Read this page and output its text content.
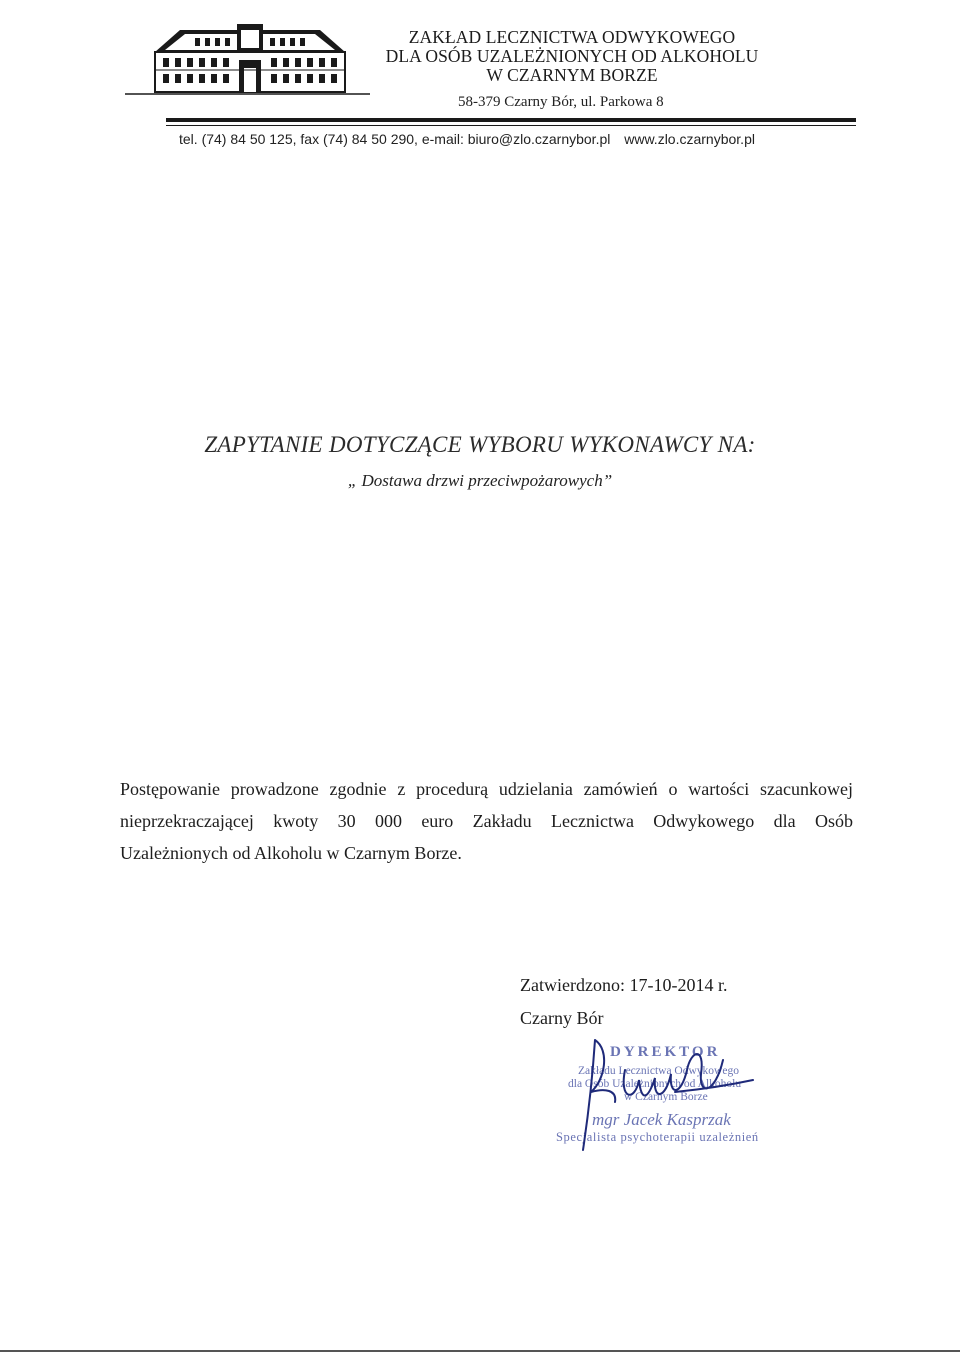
ZAKŁAD LECZNICTWA ODWYKOWEGO
DLA OSÓB UZALEŻNIONYCH OD ALKOHOLU
W CZARNYM BORZE
58-379 Czarny Bór, ul. Parkowa 8
tel. (74) 84 50 125, fax (74) 84 50 290, e-mail: biuro@zlo.czarnybor.pl www.zlo.czarnybor.pl
ZAPYTANIE DOTYCZĄCE WYBORU WYKONAWCY NA:
„ Dostawa drzwi przeciwpożarowych”
Postępowanie prowadzone zgodnie z procedurą udzielania zamówień o wartości szacunkowej
nieprzekraczającej kwoty 30 000 euro Zakładu Lecznictwa Odwykowego dla Osób
Uzależnionych od Alkoholu w Czarnym Borze.
Zatwierdzono: 17-10-2014 r.
Czarny Bór
DYREKTOR
Zakładu Lecznictwa Odwykowego
dla Osób Uzależnionych od Alkoholu
w Czarnym Borze
mgr Jacek Kasprzak
Specjalista psychoterapii uzależnień
